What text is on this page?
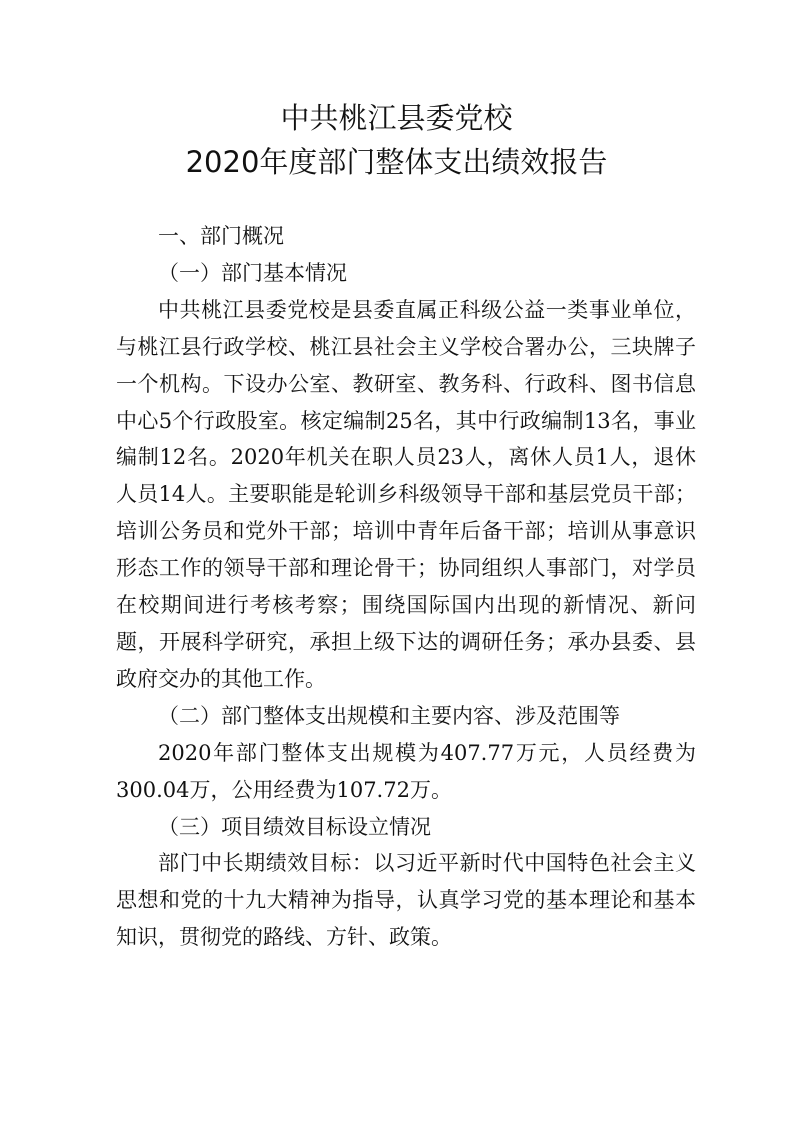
中共桃江县委党校
2020年度部门整体支出绩效报告
一、部门概况
（一）部门基本情况

中共桃江县委党校是县委直属正科级公益一类事业单位，与桃江县行政学校、桃江县社会主义学校合署办公，三块牌子一个机构。下设办公室、教研室、教务科、行政科、图书信息中心5个行政股室。核定编制25名，其中行政编制13名，事业编制12名。2020年机关在职人员23人，离休人员1人，退休人员14人。主要职能是轮训乡科级领导干部和基层党员干部；培训公务员和党外干部；培训中青年后备干部；培训从事意识形态工作的领导干部和理论骨干；协同组织人事部门，对学员在校期间进行考核考察；围绕国际国内出现的新情况、新问题，开展科学研究，承担上级下达的调研任务；承办县委、县政府交办的其他工作。

（二）部门整体支出规模和主要内容、涉及范围等

2020年部门整体支出规模为407.77万元，人员经费为300.04万，公用经费为107.72万。

（三）项目绩效目标设立情况

部门中长期绩效目标：以习近平新时代中国特色社会主义思想和党的十九大精神为指导，认真学习党的基本理论和基本知识，贯彻党的路线、方针、政策。
